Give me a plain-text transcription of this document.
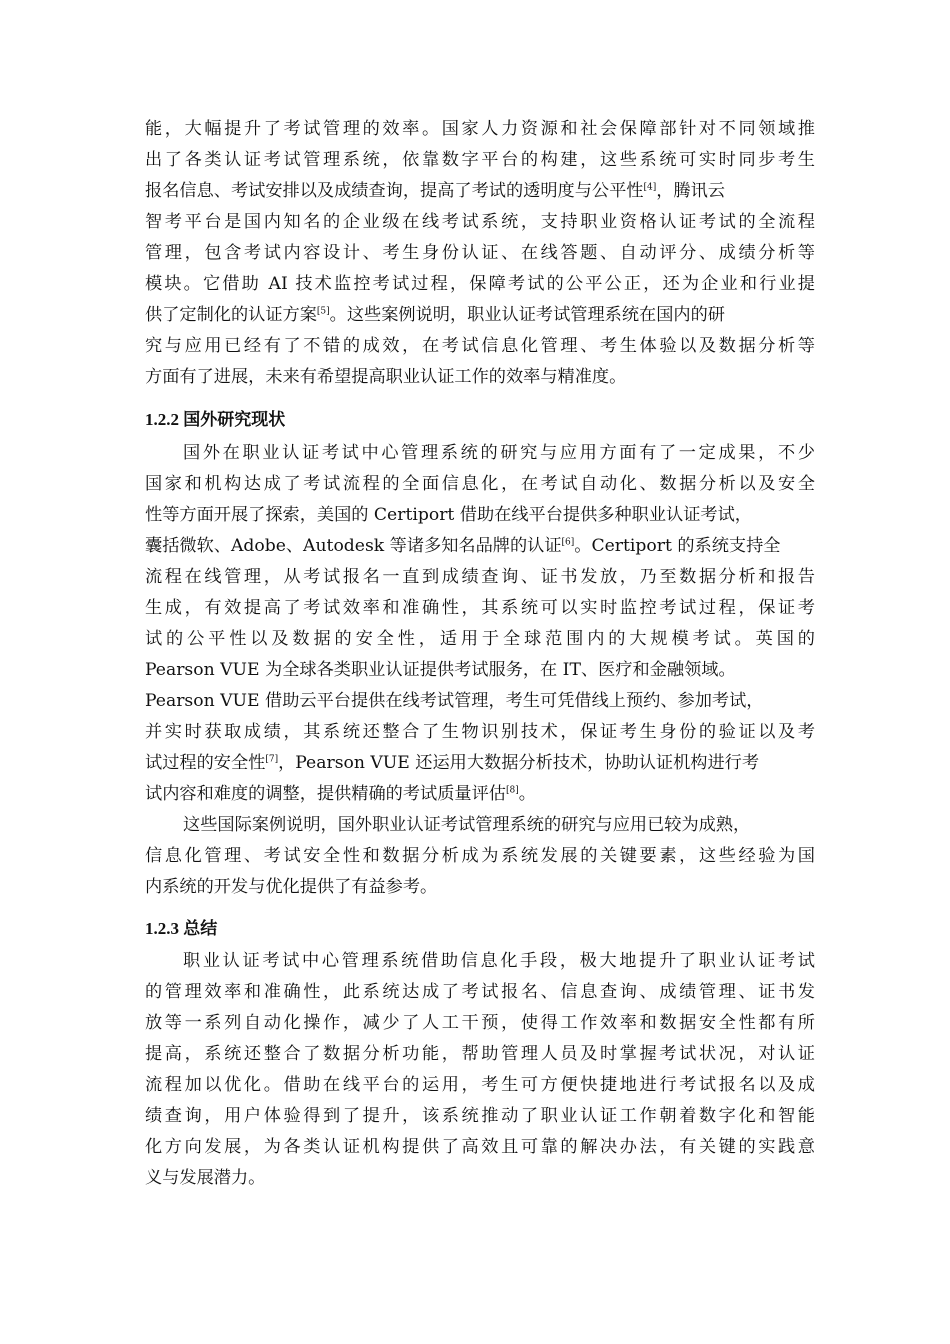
能，大幅提升了考试管理的效率。国家人力资源和社会保障部针对不同领域推
出了各类认证考试管理系统，依靠数字平台的构建，这些系统可实时同步考生
报名信息、考试安排以及成绩查询，提高了考试的透明度与公平性[4]，腾讯云
智考平台是国内知名的企业级在线考试系统，支持职业资格认证考试的全流程
管理，包含考试内容设计、考生身份认证、在线答题、自动评分、成绩分析等
模块。它借助 AI 技术监控考试过程，保障考试的公平公正，还为企业和行业提
供了定制化的认证方案[5]。这些案例说明，职业认证考试管理系统在国内的研
究与应用已经有了不错的成效，在考试信息化管理、考生体验以及数据分析等
方面有了进展，未来有希望提高职业认证工作的效率与精准度。
1.2.2 国外研究现状
国外在职业认证考试中心管理系统的研究与应用方面有了一定成果，不少
国家和机构达成了考试流程的全面信息化，在考试自动化、数据分析以及安全
性等方面开展了探索，美国的 Certiport 借助在线平台提供多种职业认证考试，
囊括微软、Adobe、Autodesk 等诸多知名品牌的认证[6]。Certiport 的系统支持全
流程在线管理，从考试报名一直到成绩查询、证书发放，乃至数据分析和报告
生成，有效提高了考试效率和准确性，其系统可以实时监控考试过程，保证考
试的公平性以及数据的安全性，适用于全球范围内的大规模考试。英国的
Pearson VUE 为全球各类职业认证提供考试服务，在 IT、医疗和金融领域。
Pearson VUE 借助云平台提供在线考试管理，考生可凭借线上预约、参加考试，
并实时获取成绩，其系统还整合了生物识别技术，保证考生身份的验证以及考
试过程的安全性[7]，Pearson VUE 还运用大数据分析技术，协助认证机构进行考
试内容和难度的调整，提供精确的考试质量评估[8]。
这些国际案例说明，国外职业认证考试管理系统的研究与应用已较为成熟，
信息化管理、考试安全性和数据分析成为系统发展的关键要素，这些经验为国
内系统的开发与优化提供了有益参考。
1.2.3 总结
职业认证考试中心管理系统借助信息化手段，极大地提升了职业认证考试
的管理效率和准确性，此系统达成了考试报名、信息查询、成绩管理、证书发
放等一系列自动化操作，减少了人工干预，使得工作效率和数据安全性都有所
提高，系统还整合了数据分析功能，帮助管理人员及时掌握考试状况，对认证
流程加以优化。借助在线平台的运用，考生可方便快捷地进行考试报名以及成
绩查询，用户体验得到了提升，该系统推动了职业认证工作朝着数字化和智能
化方向发展，为各类认证机构提供了高效且可靠的解决办法，有关键的实践意
义与发展潜力。
